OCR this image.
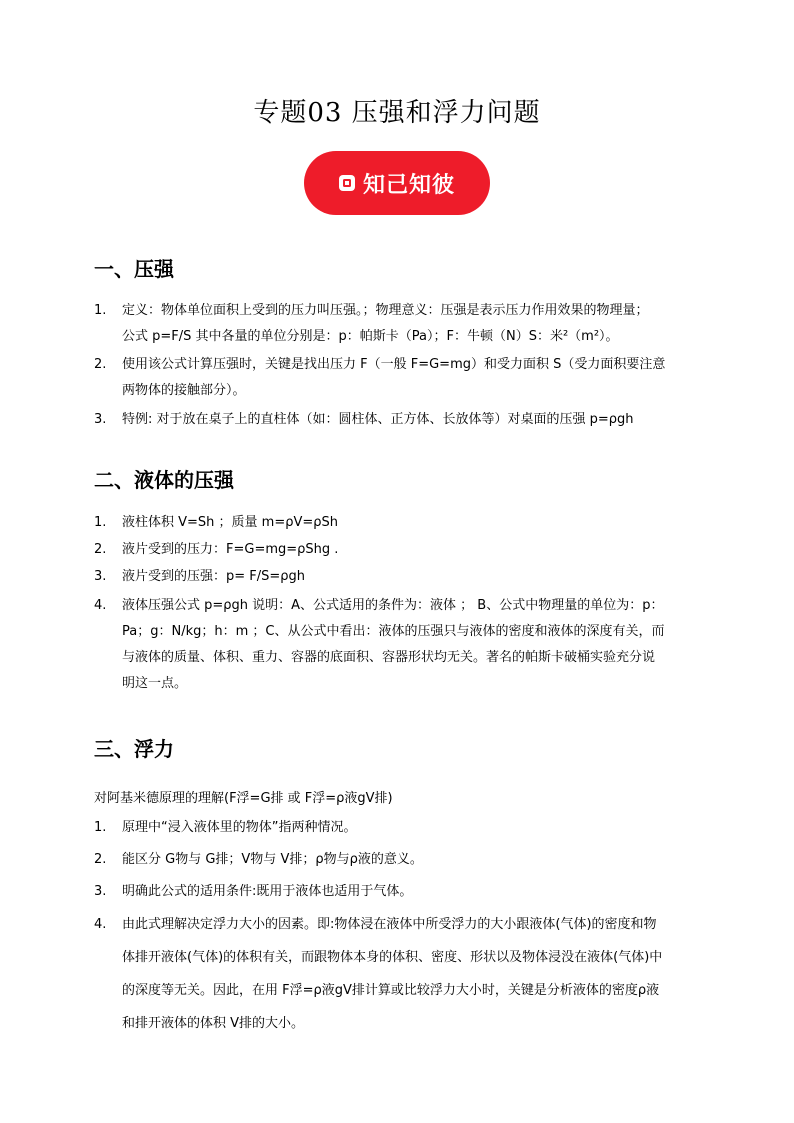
专题03 压强和浮力问题
知己知彼
一、压强
1.	定义：物体单位面积上受到的压力叫压强。；物理意义：压强是表示压力作用效果的物理量；
公式 p=F/S 其中各量的单位分别是：p：帕斯卡（Pa）；F：牛顿（N）S：米²（m²）。
2.	使用该公式计算压强时，关键是找出压力 F（一般 F=G=mg）和受力面积 S（受力面积要注意
两物体的接触部分）。
3.	特例: 对于放在桌子上的直柱体（如：圆柱体、正方体、长放体等）对桌面的压强 p=ρgh
二、液体的压强
1.	液柱体积 V=Sh ；质量 m=ρV=ρSh
2.	液片受到的压力：F=G=mg=ρShg .
3.	液片受到的压强：p= F/S=ρgh
4.	液体压强公式 p=ρgh 说明：A、公式适用的条件为：液体 ； B、公式中物理量的单位为：p：
Pa；g：N/kg；h：m ；C、从公式中看出：液体的压强只与液体的密度和液体的深度有关，而
与液体的质量、体积、重力、容器的底面积、容器形状均无关。著名的帕斯卡破桶实验充分说
明这一点。
三、浮力
对阿基米德原理的理解(F浮=G排 或 F浮=ρ液gV排)
1.	原理中“浸入液体里的物体”指两种情况。
2.	能区分 G物与 G排；V物与 V排；ρ物与ρ液的意义。
3.	明确此公式的适用条件:既用于液体也适用于气体。
4.	由此式理解决定浮力大小的因素。即:物体浸在液体中所受浮力的大小跟液体(气体)的密度和物
体排开液体(气体)的体积有关，而跟物体本身的体积、密度、形状以及物体浸没在液体(气体)中
的深度等无关。因此，在用 F浮=ρ液gV排计算或比较浮力大小时，关键是分析液体的密度ρ液
和排开液体的体积 V排的大小。
